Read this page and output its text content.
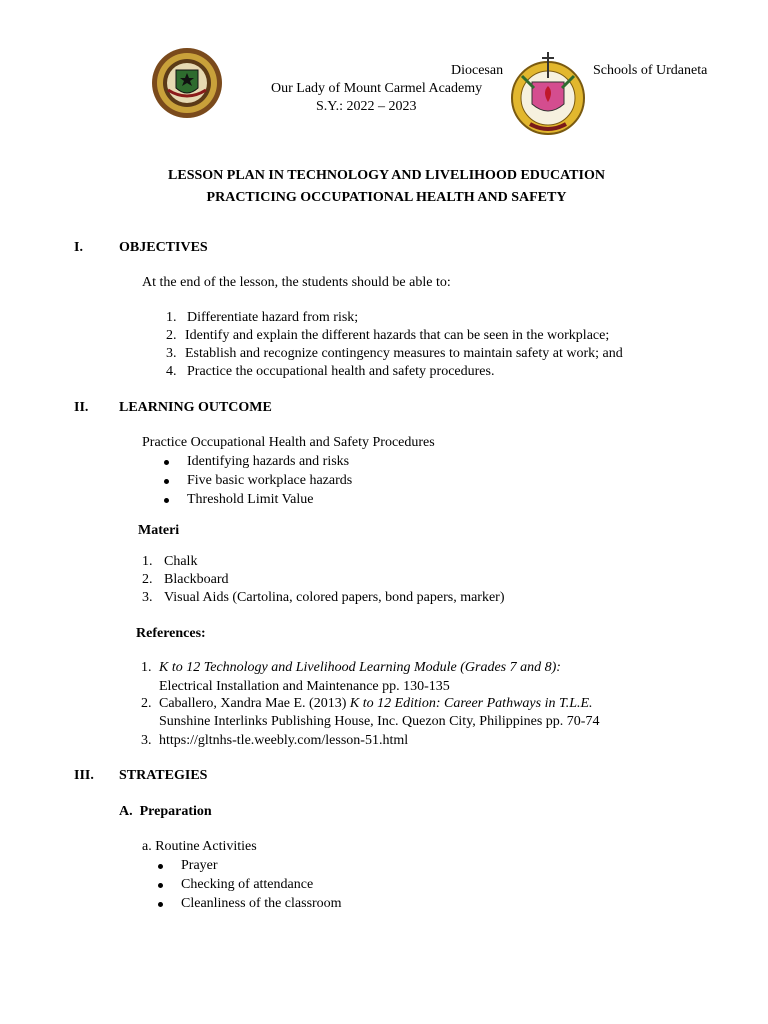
Diocesan	Schools of Urdaneta
Our Lady of Mount Carmel Academy
S.Y.: 2022 – 2023
LESSON PLAN IN TECHNOLOGY AND LIVELIHOOD EDUCATION
PRACTICING OCCUPATIONAL HEALTH AND SAFETY
I.	OBJECTIVES
At the end of the lesson, the students should be able to:
1. Differentiate hazard from risk;
2. Identify and explain the different hazards that can be seen in the workplace;
3. Establish and recognize contingency measures to maintain safety at work; and
4. Practice the occupational health and safety procedures.
II. LEARNING OUTCOME
Practice Occupational Health and Safety Procedures
Identifying hazards and risks
Five basic workplace hazards
Threshold Limit Value
Materi
1. Chalk
2. Blackboard
3. Visual Aids (Cartolina, colored papers, bond papers, marker)
References:
1. K to 12 Technology and Livelihood Learning Module (Grades 7 and 8):
Electrical Installation and Maintenance pp. 130-135
2. Caballero, Xandra Mae E. (2013) K to 12 Edition: Career Pathways in T.L.E.
Sunshine Interlinks Publishing House, Inc. Quezon City, Philippines pp. 70-74
3. https://gltnhs-tle.weebly.com/lesson-51.html
III. STRATEGIES
A.  Preparation
a. Routine Activities
Prayer
Checking of attendance
Cleanliness of the classroom
